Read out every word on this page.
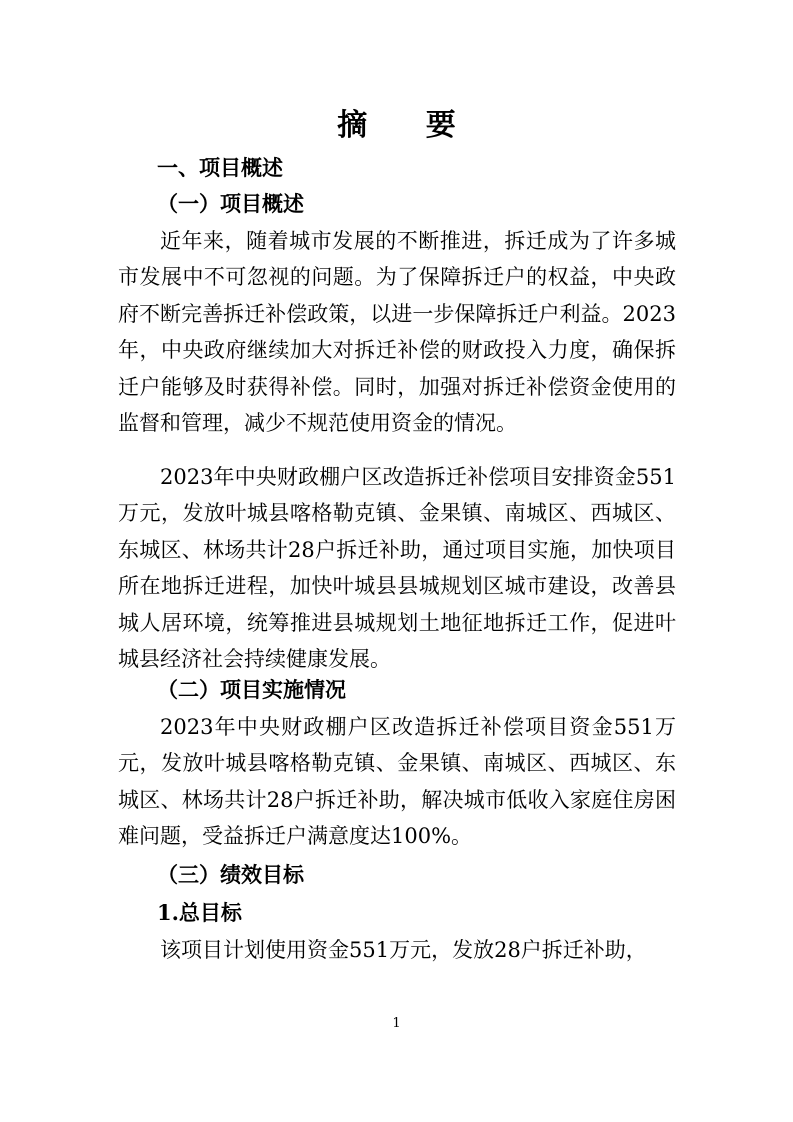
摘 要
一、项目概述
（一）项目概述
近年来，随着城市发展的不断推进，拆迁成为了许多城市发展中不可忽视的问题。为了保障拆迁户的权益，中央政府不断完善拆迁补偿政策，以进一步保障拆迁户利益。2023年，中央政府继续加大对拆迁补偿的财政投入力度，确保拆迁户能够及时获得补偿。同时，加强对拆迁补偿资金使用的监督和管理，减少不规范使用资金的情况。
2023年中央财政棚户区改造拆迁补偿项目安排资金551万元，发放叶城县喀格勒克镇、金果镇、南城区、西城区、东城区、林场共计28户拆迁补助，通过项目实施，加快项目所在地拆迁进程，加快叶城县县城规划区城市建设，改善县城人居环境，统筹推进县城规划土地征地拆迁工作，促进叶城县经济社会持续健康发展。
（二）项目实施情况
2023年中央财政棚户区改造拆迁补偿项目资金551万元，发放叶城县喀格勒克镇、金果镇、南城区、西城区、东城区、林场共计28户拆迁补助，解决城市低收入家庭住房困难问题，受益拆迁户满意度达100%。
（三）绩效目标
1.总目标
该项目计划使用资金551万元，发放28户拆迁补助，
1
